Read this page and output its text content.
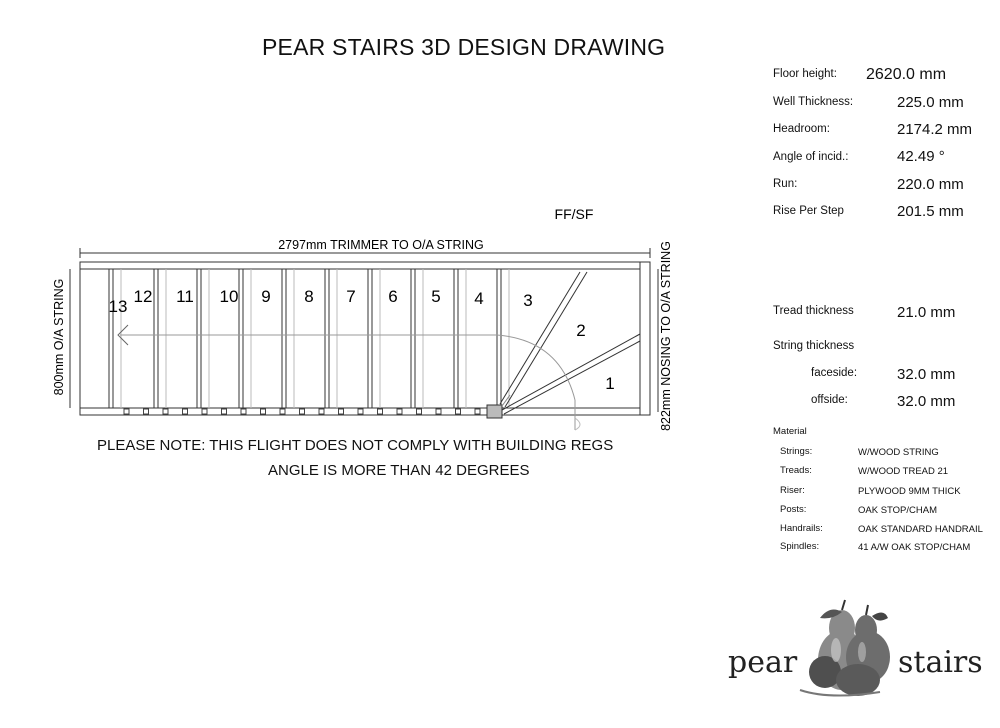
PEAR STAIRS 3D DESIGN DRAWING
FF/SF
2797mm TRIMMER TO O/A STRING
800mm O/A STRING	822mm NOSING TO O/A STRING
13
12 11 10 9 8 7 6 5 4 3
2
1
PLEASE NOTE: THIS FLIGHT DOES NOT COMPLY WITH BUILDING REGS
ANGLE IS MORE THAN 42 DEGREES
Floor height: 2620.0 mm
Well Thickness:	225.0 mm
Headroom:	2174.2 mm
Angle of incid.:	42.49 °
Run:	220.0 mm
Rise Per Step	201.5 mm
Tread thickness	21.0 mm
String thickness
faceside:	32.0 mm
offside:	32.0 mm
Material
Strings:	W/WOOD STRING
Treads:	W/WOOD TREAD 21
Riser:	PLYWOOD 9MM THICK
Posts:	OAK STOP/CHAM
Handrails:	OAK STANDARD HANDRAIL
Spindles:	41 A/W OAK STOP/CHAM
pear	stairs
